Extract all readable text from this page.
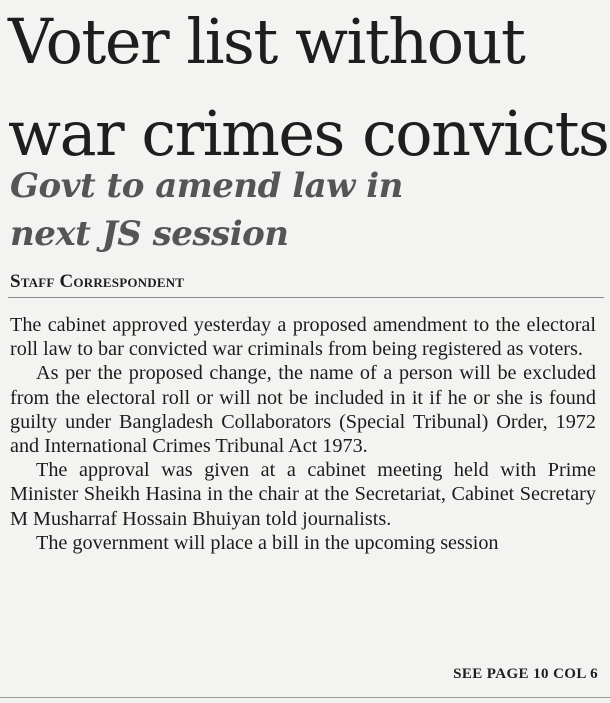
Voter list without
war crimes convicts
Govt to amend law in
next JS session
Staff Correspondent

The cabinet approved yesterday a proposed amendment to the electoral roll law to bar convicted war criminals from being registered as voters.

As per the proposed change, the name of a person will be excluded from the electoral roll or will not be included in it if he or she is found guilty under Bangladesh Collaborators (Special Tribunal) Order, 1972 and International Crimes Tribunal Act 1973.

The approval was given at a cabinet meeting held with Prime Minister Sheikh Hasina in the chair at the Secretariat, Cabinet Secretary M Musharraf Hossain Bhuiyan told journalists.

The government will place a bill in the upcoming session

SEE PAGE 10 COL 6
